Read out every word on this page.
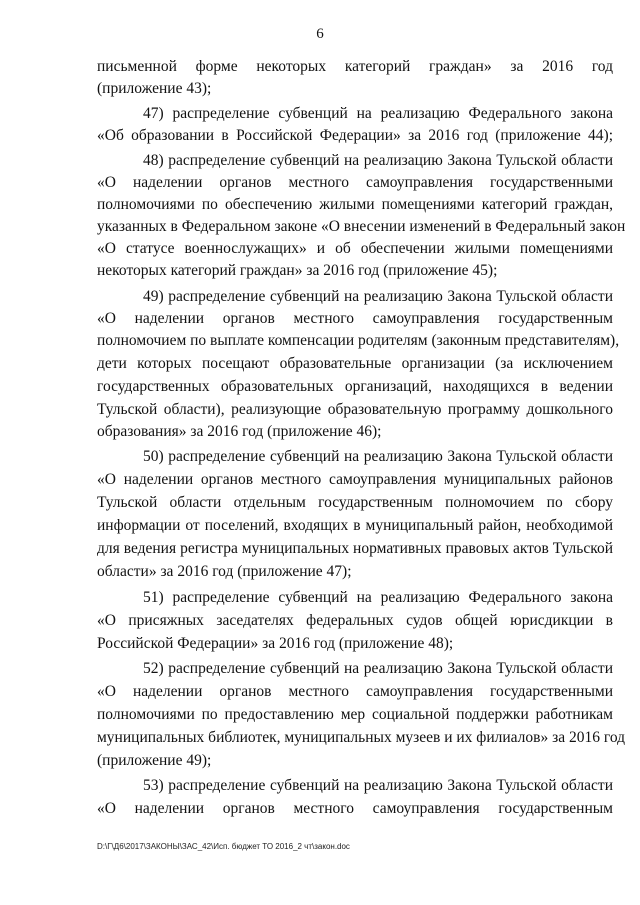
6
письменной форме некоторых категорий граждан» за 2016 год
(приложение 43);
47) распределение субвенций на реализацию Федерального закона
«Об образовании в Российской Федерации» за 2016 год (приложение 44);
48) распределение субвенций на реализацию Закона Тульской области
«О наделении органов местного самоуправления государственными
полномочиями по обеспечению жилыми помещениями категорий граждан,
указанных в Федеральном законе «О внесении изменений в Федеральный закон
«О статусе военнослужащих» и об обеспечении жилыми помещениями
некоторых категорий граждан» за 2016 год (приложение 45);
49) распределение субвенций на реализацию Закона Тульской области
«О наделении органов местного самоуправления государственным
полномочием по выплате компенсации родителям (законным представителям),
дети которых посещают образовательные организации (за исключением
государственных образовательных организаций, находящихся в ведении
Тульской области), реализующие образовательную программу дошкольного
образования» за 2016 год (приложение 46);
50) распределение субвенций на реализацию Закона Тульской области
«О наделении органов местного самоуправления муниципальных районов
Тульской области отдельным государственным полномочием по сбору
информации от поселений, входящих в муниципальный район, необходимой
для ведения регистра муниципальных нормативных правовых актов Тульской
области» за 2016 год (приложение 47);
51) распределение субвенций на реализацию Федерального закона
«О присяжных заседателях федеральных судов общей юрисдикции в
Российской Федерации» за 2016 год (приложение 48);
52) распределение субвенций на реализацию Закона Тульской области
«О наделении органов местного самоуправления государственными
полномочиями по предоставлению мер социальной поддержки работникам
муниципальных библиотек, муниципальных музеев и их филиалов» за 2016 год
(приложение 49);
53) распределение субвенций на реализацию Закона Тульской области
«О наделении органов местного самоуправления государственным
D:\Г\Д6\2017\ЗАКОНЫ\ЗАС_42\Исп. бюджет ТО 2016_2 чт\закон.doc
